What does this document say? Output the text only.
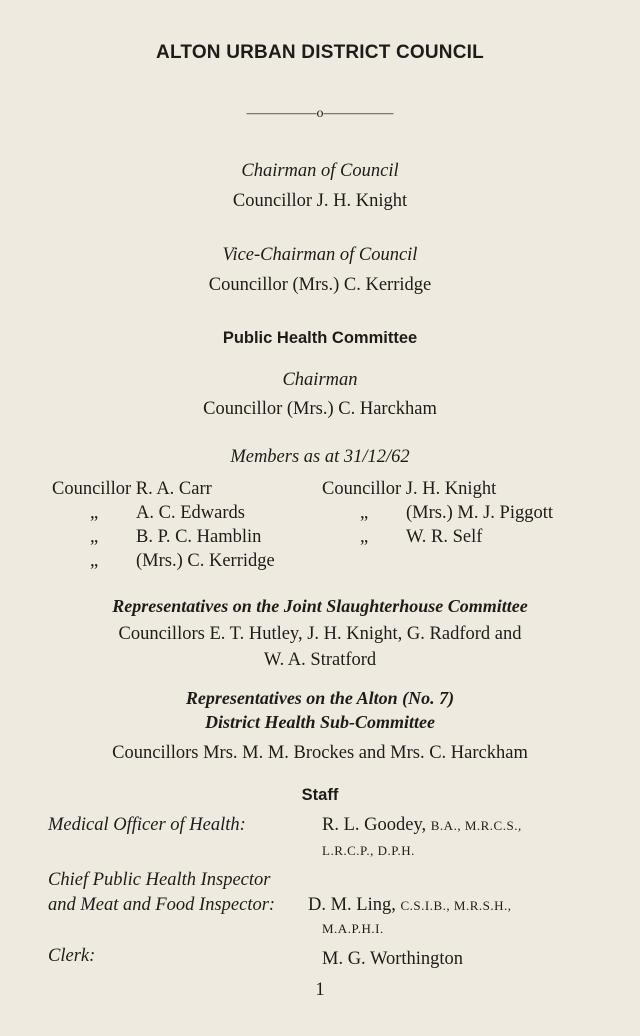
ALTON URBAN DISTRICT COUNCIL
—————o—————
Chairman of Council
Councillor J. H. Knight
Vice-Chairman of Council
Councillor (Mrs.) C. Kerridge
Public Health Committee
Chairman
Councillor (Mrs.) C. Harckham
Members as at 31/12/62
Councillor R. A. Carr
„ A. C. Edwards
„ B. P. C. Hamblin
„ (Mrs.) C. Kerridge
Councillor J. H. Knight
„ (Mrs.) M. J. Piggott
„ W. R. Self
Representatives on the Joint Slaughterhouse Committee
Councillors E. T. Hutley, J. H. Knight, G. Radford and
W. A. Stratford
Representatives on the Alton (No. 7)
District Health Sub-Committee
Councillors Mrs. M. M. Brockes and Mrs. C. Harckham
Staff
Medical Officer of Health:	R. L. Goodey, B.A., M.R.C.S.,
L.R.C.P., D.P.H.
Chief Public Health Inspector
and Meat and Food Inspector: D. M. Ling, C.S.I.B., M.R.S.H.,
M.A.P.H.I.
Clerk:	M. G. Worthington
1
